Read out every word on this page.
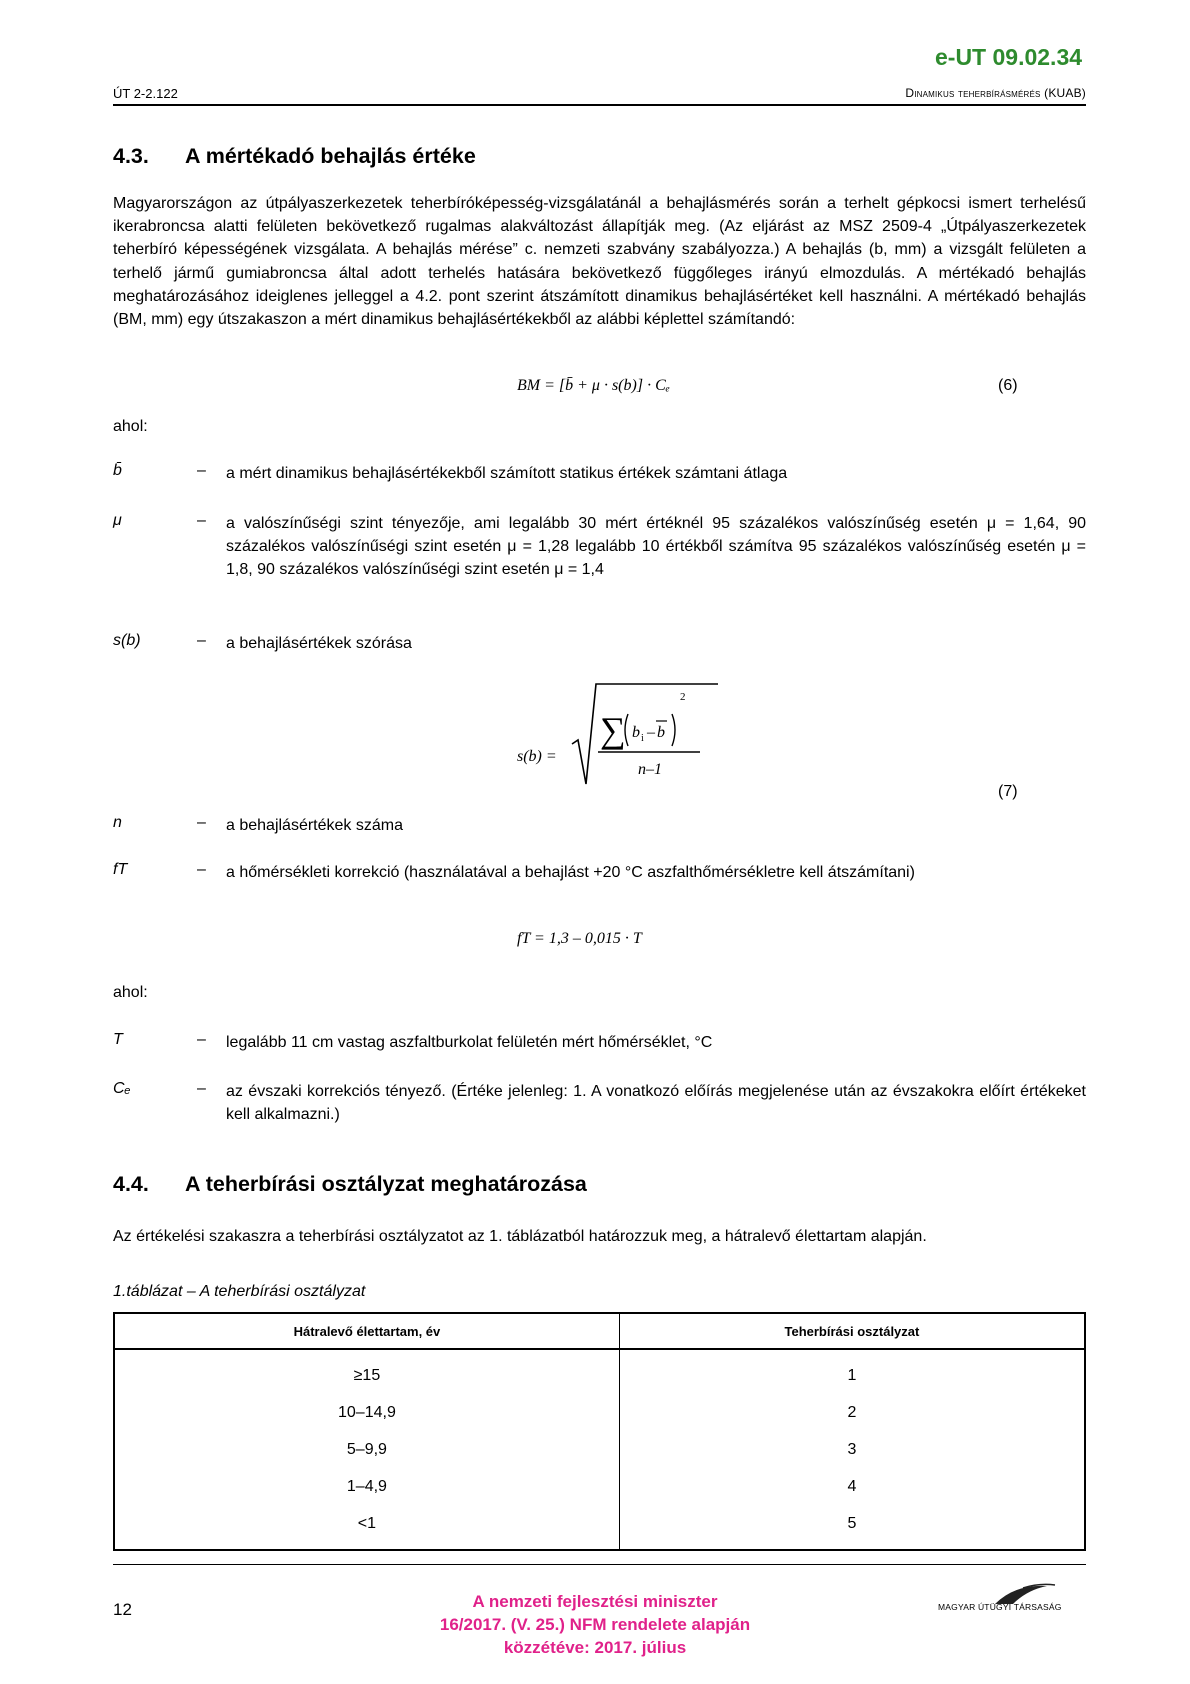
e-UT 09.02.34
ÚT 2-2.122	Dinamikus teherbírásmérés (KUAB)
4.3. A mértékadó behajlás értéke
Magyarországon az útpályaszerkezetek teherbíróképesség-vizsgálatánál a behajlásmérés során a terhelt gépkocsi ismert terhelésű ikerabroncsa alatti felületen bekövetkező rugalmas alakváltozást állapítják meg. (Az eljárást az MSZ 2509-4 „Útpályaszerkezetek teherbíró képességének vizsgálata. A behajlás mérése” c. nemzeti szabvány szabályozza.) A behajlás (b, mm) a vizsgált felületen a terhelő jármű gumiabroncsa által adott terhelés hatására bekövetkező függőleges irányú elmozdulás. A mértékadó behajlás meghatározásához ideiglenes jelleggel a 4.2. pont szerint átszámított dinamikus behajlásértéket kell használni. A mértékadó behajlás (BM, mm) egy útszakaszon a mért dinamikus behajlásértékekből az alábbi képlettel számítandó:
BM = [b̄ + μ · s(b)] · Cₑ	(6)
ahol:
b̄	– a mért dinamikus behajlásértékekből számított statikus értékek számtani átlaga
μ	– a valószínűségi szint tényezője, ami legalább 30 mért értéknél 95 százalékos valószínűség esetén μ = 1,64, 90 százalékos valószínűségi szint esetén μ = 1,28 legalább 10 értékből számítva 95 százalékos valószínűség esetén μ = 1,8, 90 százalékos valószínűségi szint esetén μ = 1,4
s(b)	– a behajlásértékek szórása
s(b) =
∑ b i – b
2
n–1
(7)
n	– a behajlásértékek száma
fT	– a hőmérsékleti korrekció (használatával a behajlást +20 °C aszfalthőmérsékletre kell átszámítani)
fT = 1,3 – 0,015 · T
ahol:
T	– legalább 11 cm vastag aszfaltburkolat felületén mért hőmérséklet, °C
Cₑ	– az évszaki korrekciós tényező. (Értéke jelenleg: 1. A vonatkozó előírás megjelenése után az évszakokra előírt értékeket kell alkalmazni.)
4.4. A teherbírási osztályzat meghatározása
Az értékelési szakaszra a teherbírási osztályzatot az 1. táblázatból határozzuk meg, a hátralevő élettartam alapján.
1.táblázat – A teherbírási osztályzat
Hátralevő élettartam, év	Teherbírási osztályzat
≥15	1
10–14,9	2
5–9,9	3
1–4,9	4
<1	5
12	A nemzeti fejlesztési miniszter
16/2017. (V. 25.) NFM rendelete alapján
közzétéve: 2017. július
MAGYAR ÚTÜGYI TÁRSASÁG
